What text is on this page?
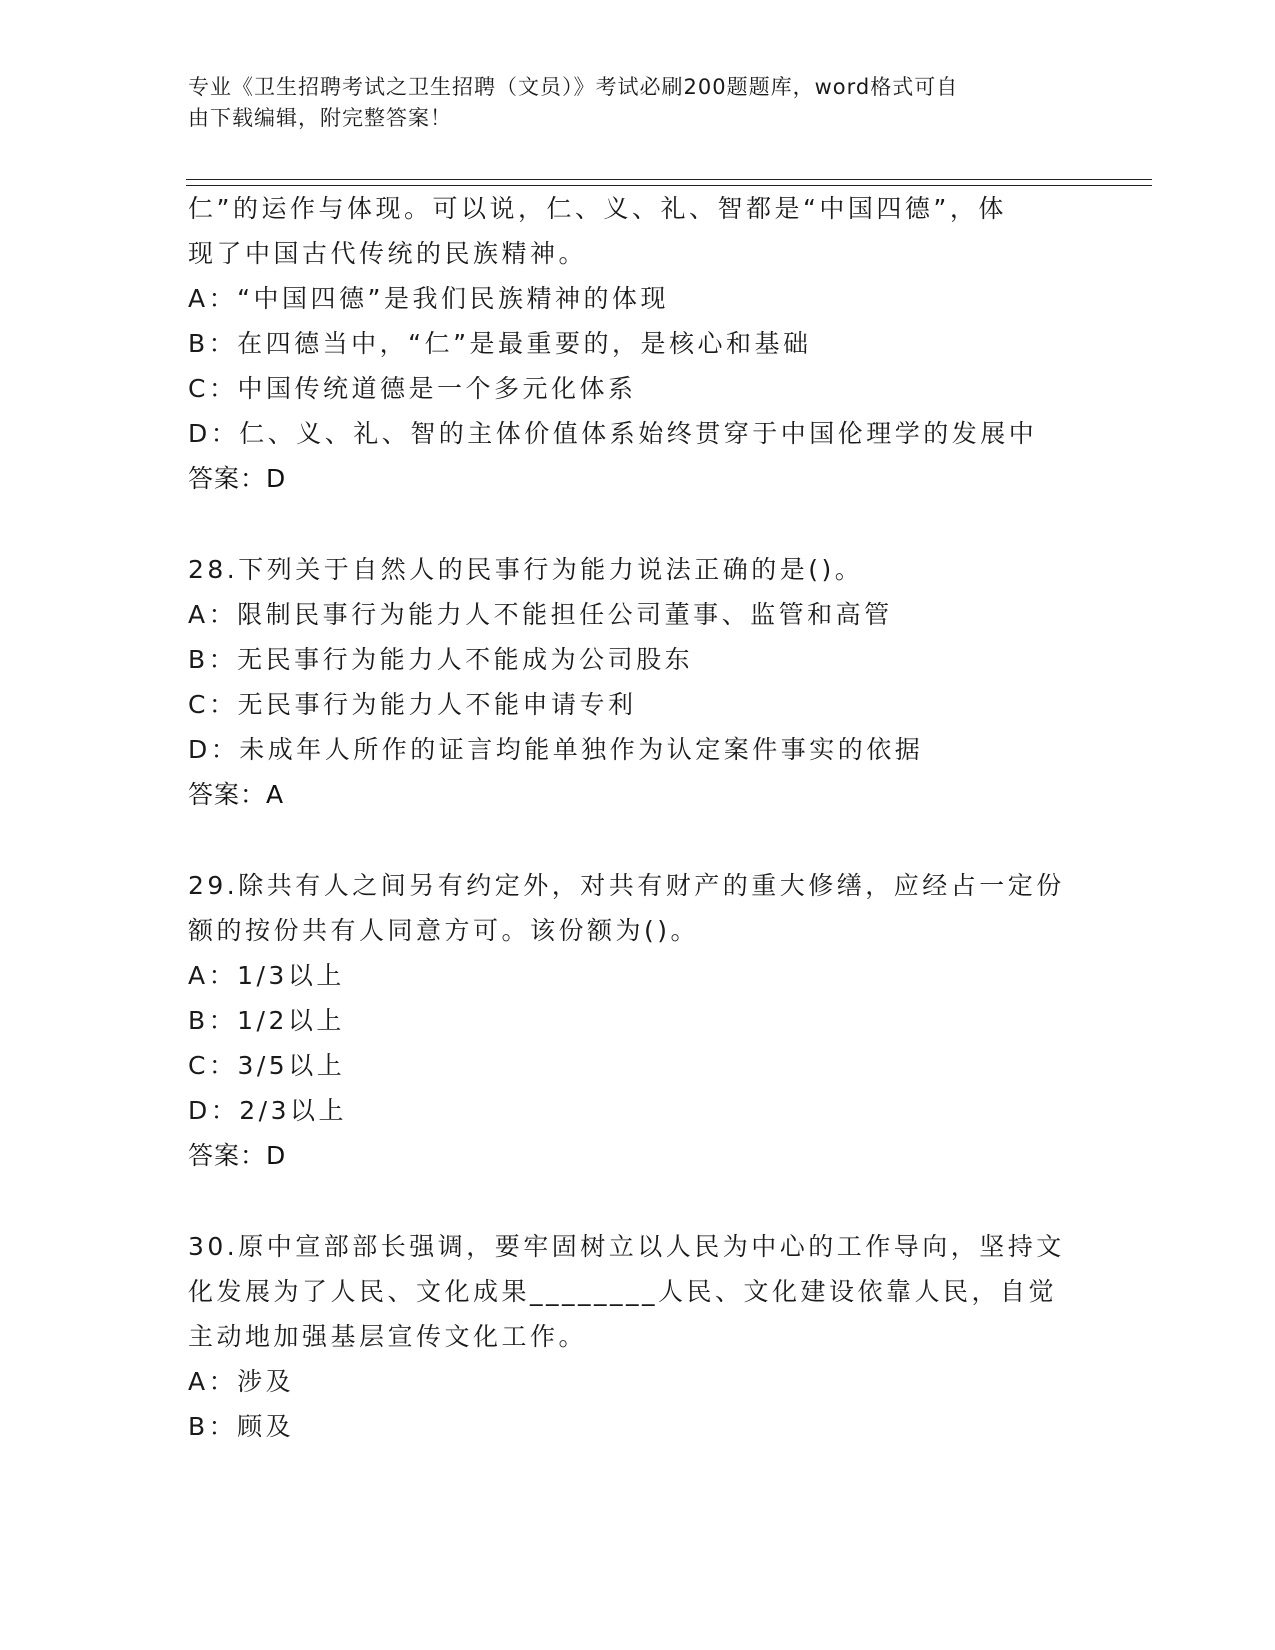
专业《卫生招聘考试之卫生招聘（文员）》考试必刷200题题库，word格式可自
由下载编辑，附完整答案！
仁”的运作与体现。可以说，仁、义、礼、智都是“中国四德”，体
现了中国古代传统的民族精神。
A：“中国四德”是我们民族精神的体现
B：在四德当中，“仁”是最重要的，是核心和基础
C：中国传统道德是一个多元化体系
D：仁、义、礼、智的主体价值体系始终贯穿于中国伦理学的发展中
答案：D
28.下列关于自然人的民事行为能力说法正确的是()。
A：限制民事行为能力人不能担任公司董事、监管和高管
B：无民事行为能力人不能成为公司股东
C：无民事行为能力人不能申请专利
D：未成年人所作的证言均能单独作为认定案件事实的依据
答案：A
29.除共有人之间另有约定外，对共有财产的重大修缮，应经占一定份
额的按份共有人同意方可。该份额为()。
A：1/3以上
B：1/2以上
C：3/5以上
D：2/3以上
答案：D
30.原中宣部部长强调，要牢固树立以人民为中心的工作导向，坚持文
化发展为了人民、文化成果________人民、文化建设依靠人民，自觉
主动地加强基层宣传文化工作。
A：涉及
B：顾及
